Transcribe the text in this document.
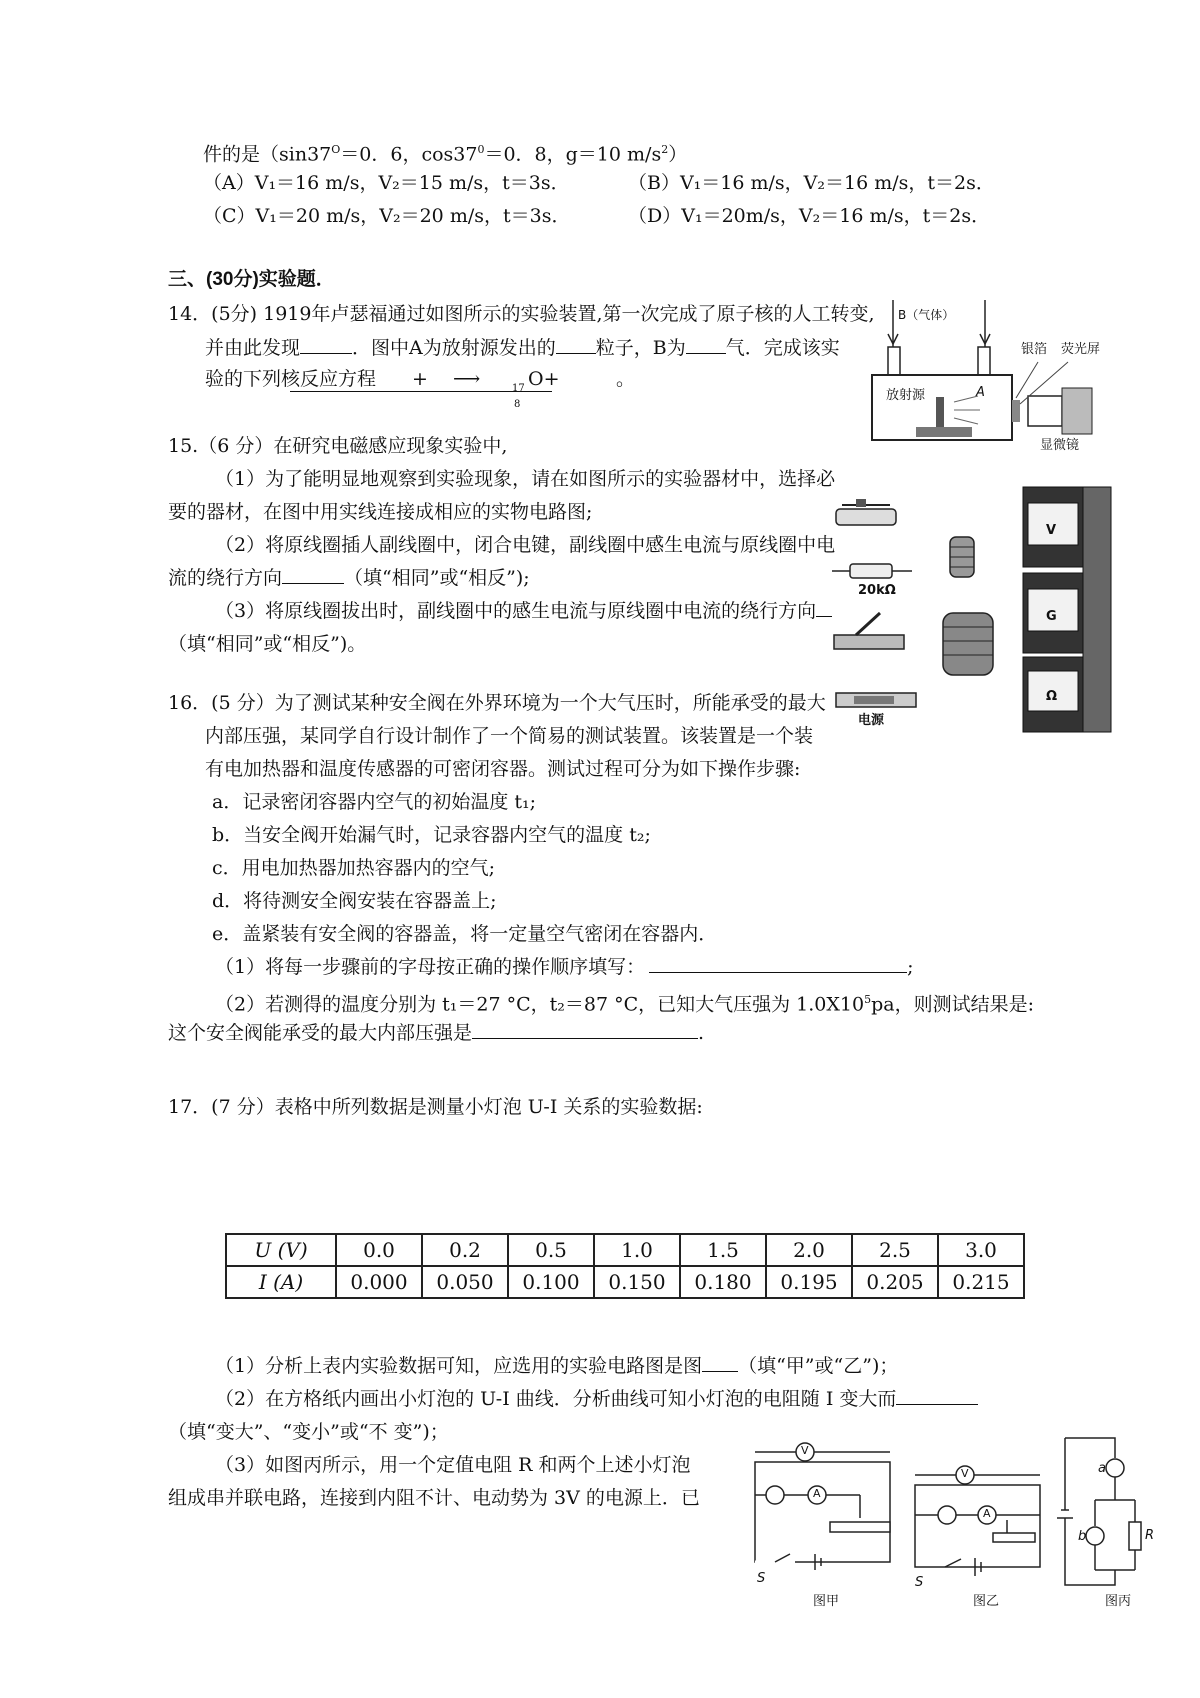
件的是（$\sin 37^O=0$．6，$\cos 37^0=0$．8，g＝10 $m/s^2$）
（A）V₁＝16 m/s，V₂＝15 m/s，t＝3s．	（B）V₁＝16 m/s，V₂＝16 m/s，t＝2s．
（C）V₁＝20 m/s，V₂＝20 m/s，t＝3s．	（D）V₁＝20m/s，V₂＝16 m/s，t＝2s．
三、(30分)实验题．
14．(5分) 1919年卢瑟福通过如图所示的实验装置,第一次完成了原子核的人工转变,
并由此发现	．图中A为放射源发出的 粒子，B为 气．完成该实
验的下列核反应方程 + ⟶	17
8
O+	。
B（气体）
银箔 荧光屏
放射源	A
显微镜
15.（6 分）在研究电磁感应现象实验中,
（1）为了能明显地观察到实验现象，请在如图所示的实验器材中，选择必
要的器材，在图中用实线连接成相应的实物电路图;
（2）将原线圈插人副线圈中，闭合电键，副线圈中感生电流与原线圈中电
流的绕行方向	（填“相同”或“相反”);
（3）将原线圈拔出时，副线圈中的感生电流与原线圈中电流的绕行方向
（填“相同”或“相反”)。
20kΩ
电源
V
G
Ω
16．(5 分）为了测试某种安全阀在外界环境为一个大气压时，所能承受的最大
内部压强，某同学自行设计制作了一个简易的测试装置。该装置是一个装
有电加热器和温度传感器的可密闭容器。测试过程可分为如下操作步骤:
a．记录密闭容器内空气的初始温度 t₁;
b．当安全阀开始漏气时，记录容器内空气的温度 t₂;
c．用电加热器加热容器内的空气;
d．将待测安全阀安装在容器盖上;
e．盖紧装有安全阀的容器盖，将一定量空气密闭在容器内．
（1）将每一步骤前的字母按正确的操作顺序填写：	;
（2）若测得的温度分别为 t₁＝27 °C，t₂＝87 °C，已知大气压强为 $1.0X10^5pa$，则测试结果是:
这个安全阀能承受的最大内部压强是	.
17．(7 分）表格中所列数据是测量小灯泡 U-I 关系的实验数据:
U (V)	0.0	0.2	0.5	1.0	1.5	2.0	2.5	3.0
I (A)	0.000	0.050	0.100	0.150	0.180	0.195	0.205	0.215
（1）分析上表内实验数据可知，应选用的实验电路图是图 （填“甲”或“乙”)；
（2）在方格纸内画出小灯泡的 U-I 曲线．分析曲线可知小灯泡的电阻随 I 变大而
（填“变大”、“变小”或“不 变”)；
（3）如图丙所示，用一个定值电阻 R 和两个上述小灯泡
组成串并联电路，连接到内阻不计、电动势为 3V 的电源上．已
V
A
S
V
A
S
a
b	R
图甲	图乙	图丙
